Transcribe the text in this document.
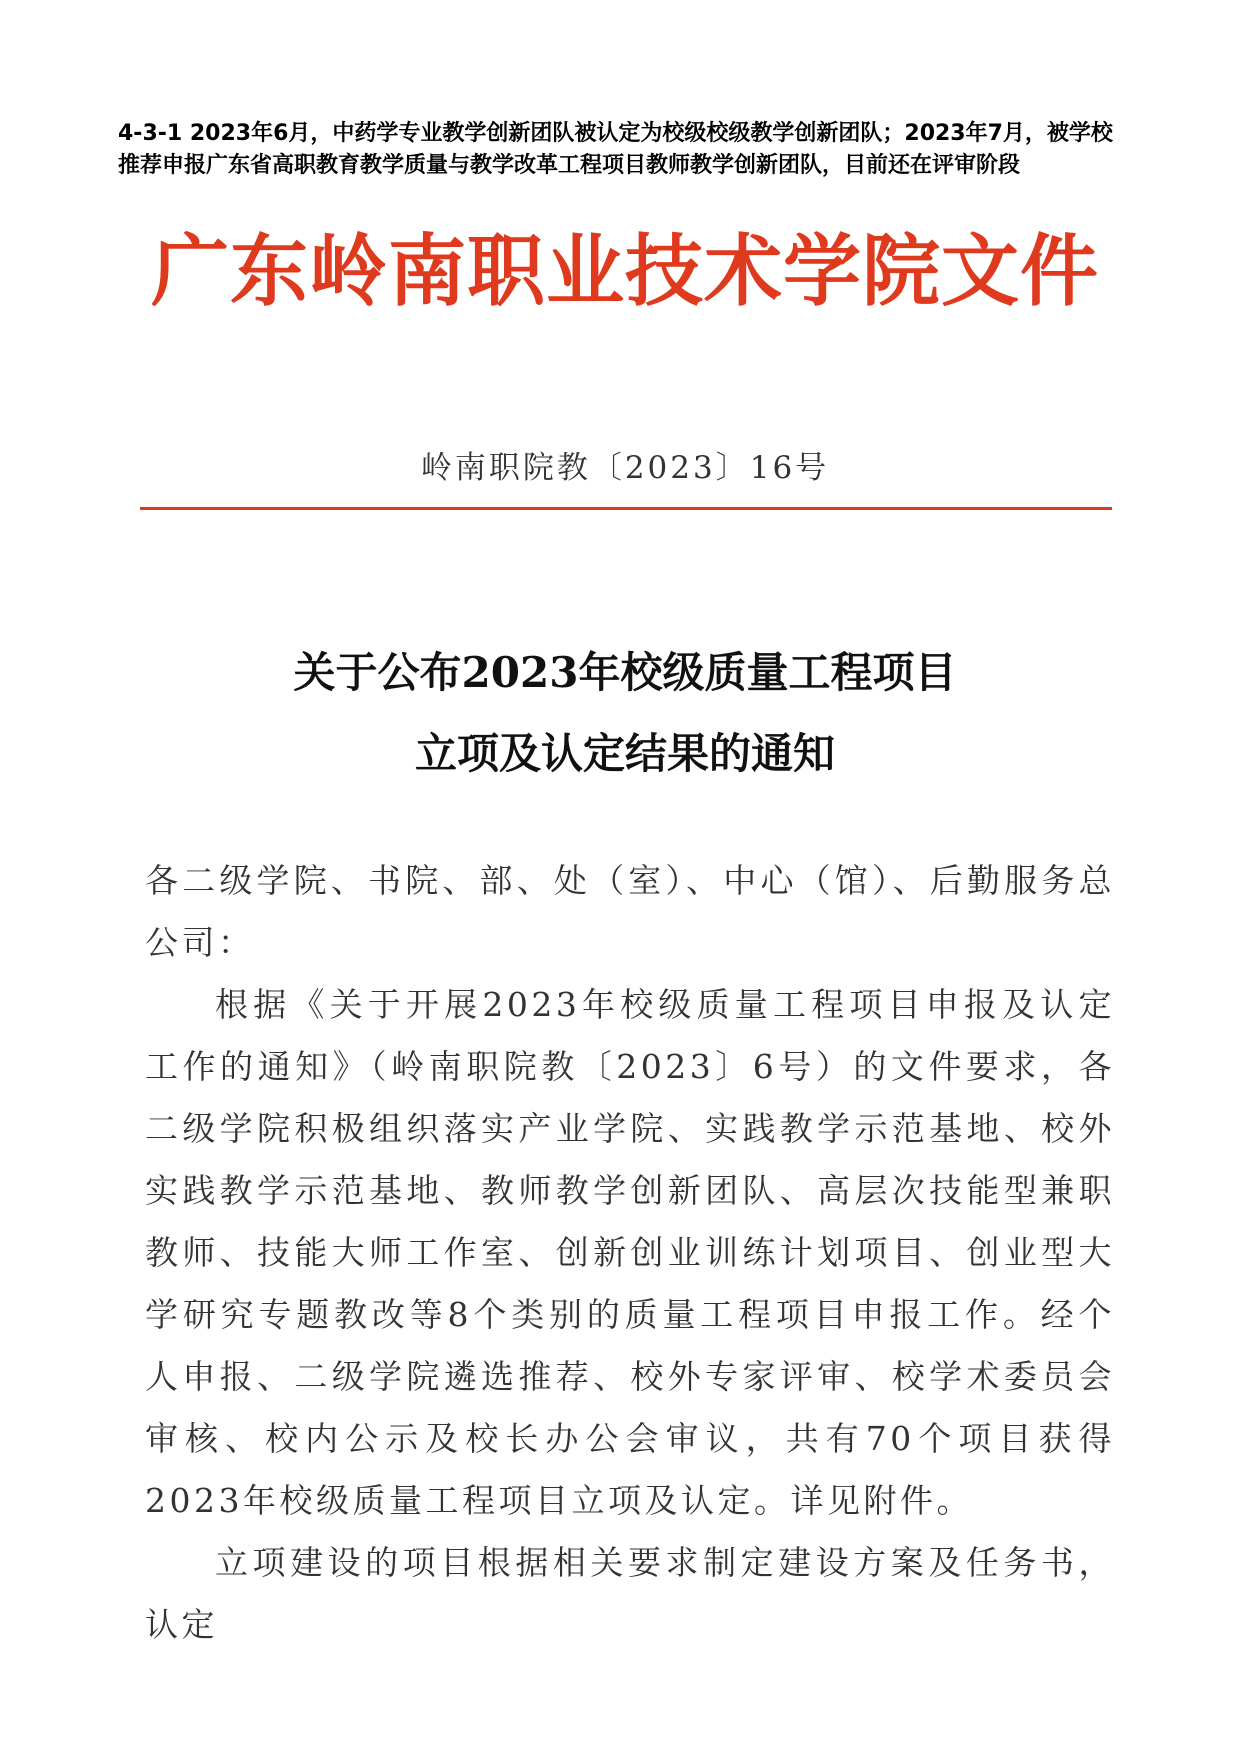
4-3-1 2023年6月，中药学专业教学创新团队被认定为校级校级教学创新团队；2023年7月，被学校推荐申报广东省高职教育教学质量与教学改革工程项目教师教学创新团队，目前还在评审阶段
广东岭南职业技术学院文件
岭南职院教〔2023〕16号
关于公布2023年校级质量工程项目
立项及认定结果的通知

各二级学院、书院、部、处（室）、中心（馆）、后勤服务总公司：

根据《关于开展2023年校级质量工程项目申报及认定工作的通知》（岭南职院教〔2023〕6号）的文件要求，各二级学院积极组织落实产业学院、实践教学示范基地、校外实践教学示范基地、教师教学创新团队、高层次技能型兼职教师、技能大师工作室、创新创业训练计划项目、创业型大学研究专题教改等8个类别的质量工程项目申报工作。经个人申报、二级学院遴选推荐、校外专家评审、校学术委员会审核、校内公示及校长办公会审议，共有70个项目获得2023年校级质量工程项目立项及认定。详见附件。

立项建设的项目根据相关要求制定建设方案及任务书，认定
